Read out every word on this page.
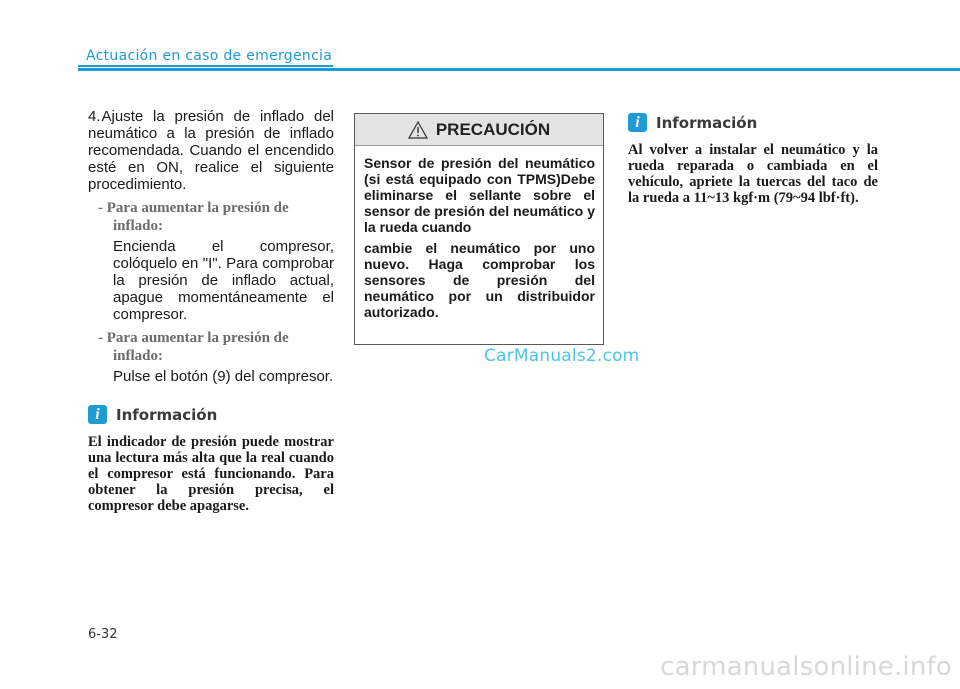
Actuación en caso de emergencia
4.Ajuste la presión de inflado del neumático a la presión de inflado recomendada. Cuando el encendido esté en ON, realice el siguiente procedimiento.
- Para aumentar la presión de inflado:
Encienda el compresor, colóquelo en "I". Para comprobar la presión de inflado actual, apague momentáneamente el compresor.
- Para aumentar la presión de inflado:
Pulse el botón (9) del compresor.
i	Información
El indicador de presión puede mostrar una lectura más alta que la real cuando el compresor está funcionando. Para obtener la presión precisa, el compresor debe apagarse.
PRECAUCIÓN

Sensor de presión del neumático (si está equipado con TPMS)Debe eliminarse el sellante sobre el sensor de presión del neumático y la rueda cuando

cambie el neumático por uno nuevo. Haga comprobar los sensores de presión del neumático por un distribuidor autorizado.

i	Información
Al volver a instalar el neumático y la rueda reparada o cambiada en el vehículo, apriete la tuercas del taco de la rueda a 11~13 kgf·m (79~94 lbf·ft).
CarManuals2.com
6-32
carmanualsonline.info
